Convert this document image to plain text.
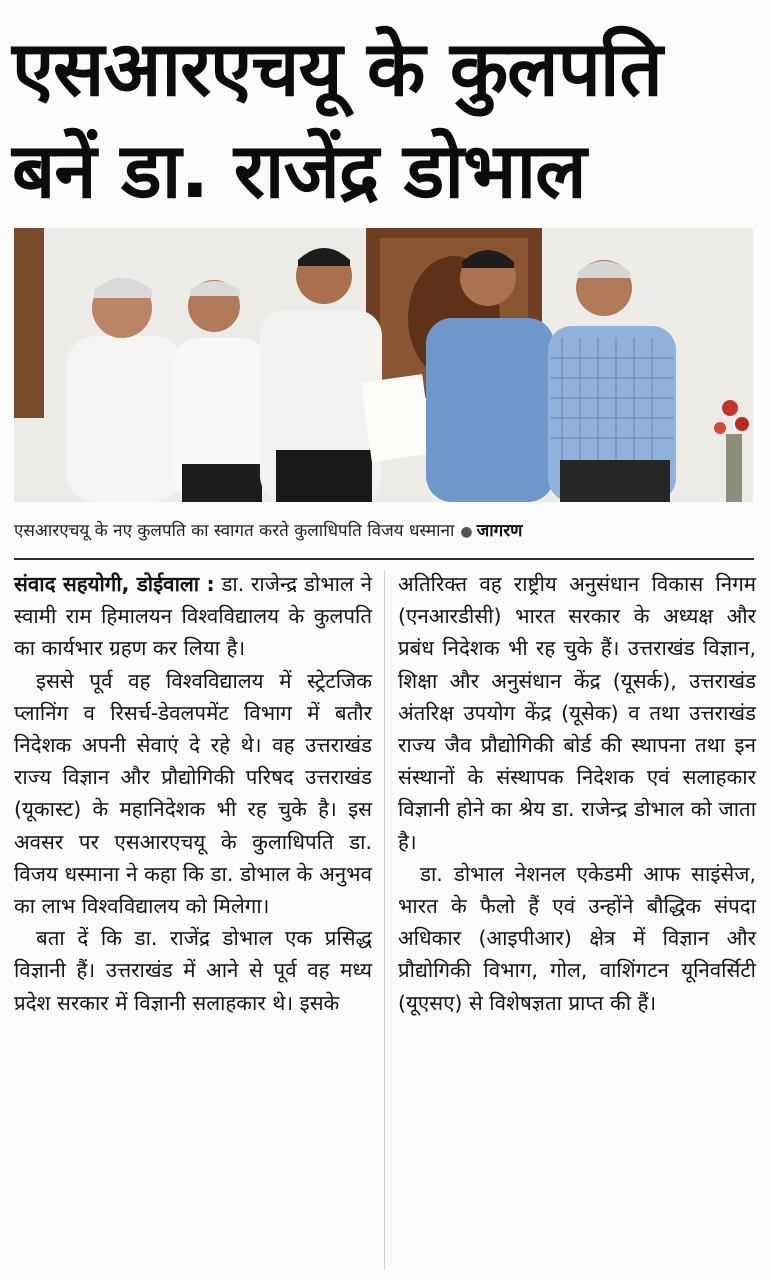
एसआरएचयू के कुलपति
बनें डा. राजेंद्र डोभाल
एसआरएचयू के नए कुलपति का स्वागत करते कुलाधिपति विजय धस्माना ● जागरण

संवाद सहयोगी, डोईवाला : डा. राजेन्द्र डोभाल ने स्वामी राम हिमालयन विश्वविद्यालय के कुलपति का कार्यभार ग्रहण कर लिया है।

इससे पूर्व वह विश्वविद्यालय में स्ट्रेटजिक प्लानिंग व रिसर्च-डेवलपमेंट विभाग में बतौर निदेशक अपनी सेवाएं दे रहे थे। वह उत्तराखंड राज्य विज्ञान और प्रौद्योगिकी परिषद उत्तराखंड (यूकास्ट) के महानिदेशक भी रह चुके है। इस अवसर पर एसआरएचयू के कुलाधिपति डा. विजय धस्माना ने कहा कि डा. डोभाल के अनुभव का लाभ विश्वविद्यालय को मिलेगा।

बता दें कि डा. राजेंद्र डोभाल एक प्रसिद्ध विज्ञानी हैं। उत्तराखंड में आने से पूर्व वह मध्य प्रदेश सरकार में विज्ञानी सलाहकार थे। इसके

अतिरिक्त वह राष्ट्रीय अनुसंधान विकास निगम (एनआरडीसी) भारत सरकार के अध्यक्ष और प्रबंध निदेशक भी रह चुके हैं। उत्तराखंड विज्ञान, शिक्षा और अनुसंधान केंद्र (यूसर्क), उत्तराखंड अंतरिक्ष उपयोग केंद्र (यूसेक) व तथा उत्तराखंड राज्य जैव प्रौद्योगिकी बोर्ड की स्थापना तथा इन संस्थानों के संस्थापक निदेशक एवं सलाहकार विज्ञानी होने का श्रेय डा. राजेन्द्र डोभाल को जाता है।

डा. डोभाल नेशनल एकेडमी आफ साइंसेज, भारत के फैलो हैं एवं उन्होंने बौद्धिक संपदा अधिकार (आइपीआर) क्षेत्र में विज्ञान और प्रौद्योगिकी विभाग, गोल, वाशिंगटन यूनिवर्सिटी (यूएसए) से विशेषज्ञता प्राप्त की हैं।
